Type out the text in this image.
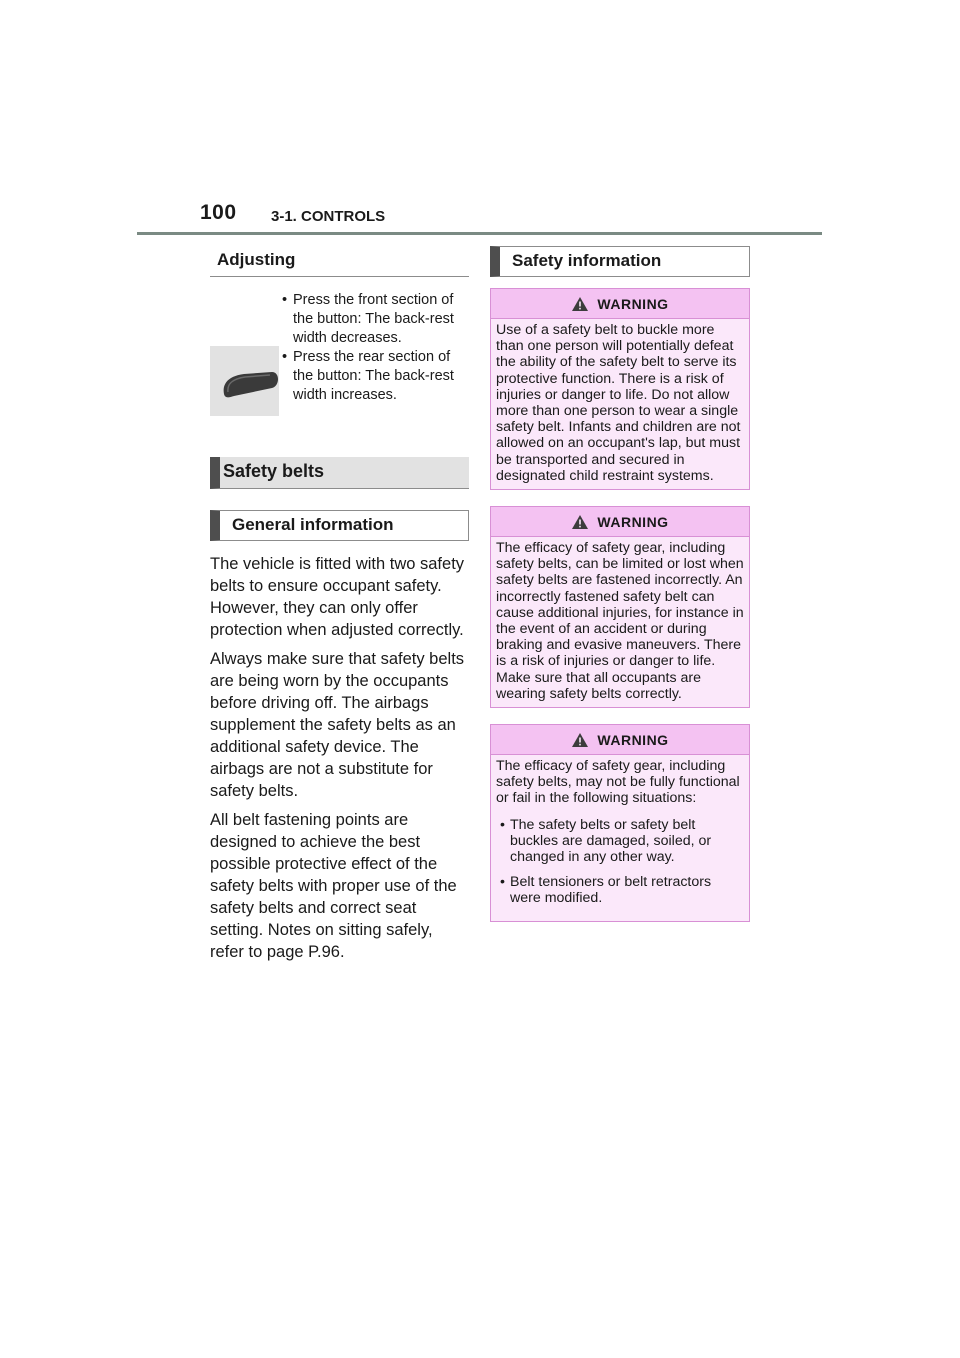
100 3-1. CONTROLS
Adjusting
• Press the front section of the button: The back-rest width decreases.
• Press the rear section of the button: The back-rest width increases.
Safety belts
General information

The vehicle is fitted with two safety belts to ensure occupant safety. However, they can only offer protection when adjusted correctly.

Always make sure that safety belts are being worn by the occupants before driving off. The airbags supplement the safety belts as an additional safety device. The airbags are not a substitute for safety belts.

All belt fastening points are designed to achieve the best possible protective effect of the safety belts with proper use of the safety belts and correct seat setting. Notes on sitting safely, refer to page P.96.

Safety information
WARNING

Use of a safety belt to buckle more than one person will potentially defeat the ability of the safety belt to serve its protective function. There is a risk of injuries or danger to life. Do not allow more than one person to wear a single safety belt. Infants and children are not allowed on an occupant's lap, but must be transported and secured in designated child restraint systems.

WARNING

The efficacy of safety gear, including safety belts, can be limited or lost when safety belts are fastened incorrectly. An incorrectly fastened safety belt can cause additional injuries, for instance in the event of an accident or during braking and evasive maneuvers. There is a risk of injuries or danger to life. Make sure that all occupants are wearing safety belts correctly.

WARNING

The efficacy of safety gear, including safety belts, may not be fully functional or fail in the following situations:

• The safety belts or safety belt buckles are damaged, soiled, or changed in any other way.
• Belt tensioners or belt retractors were modified.
